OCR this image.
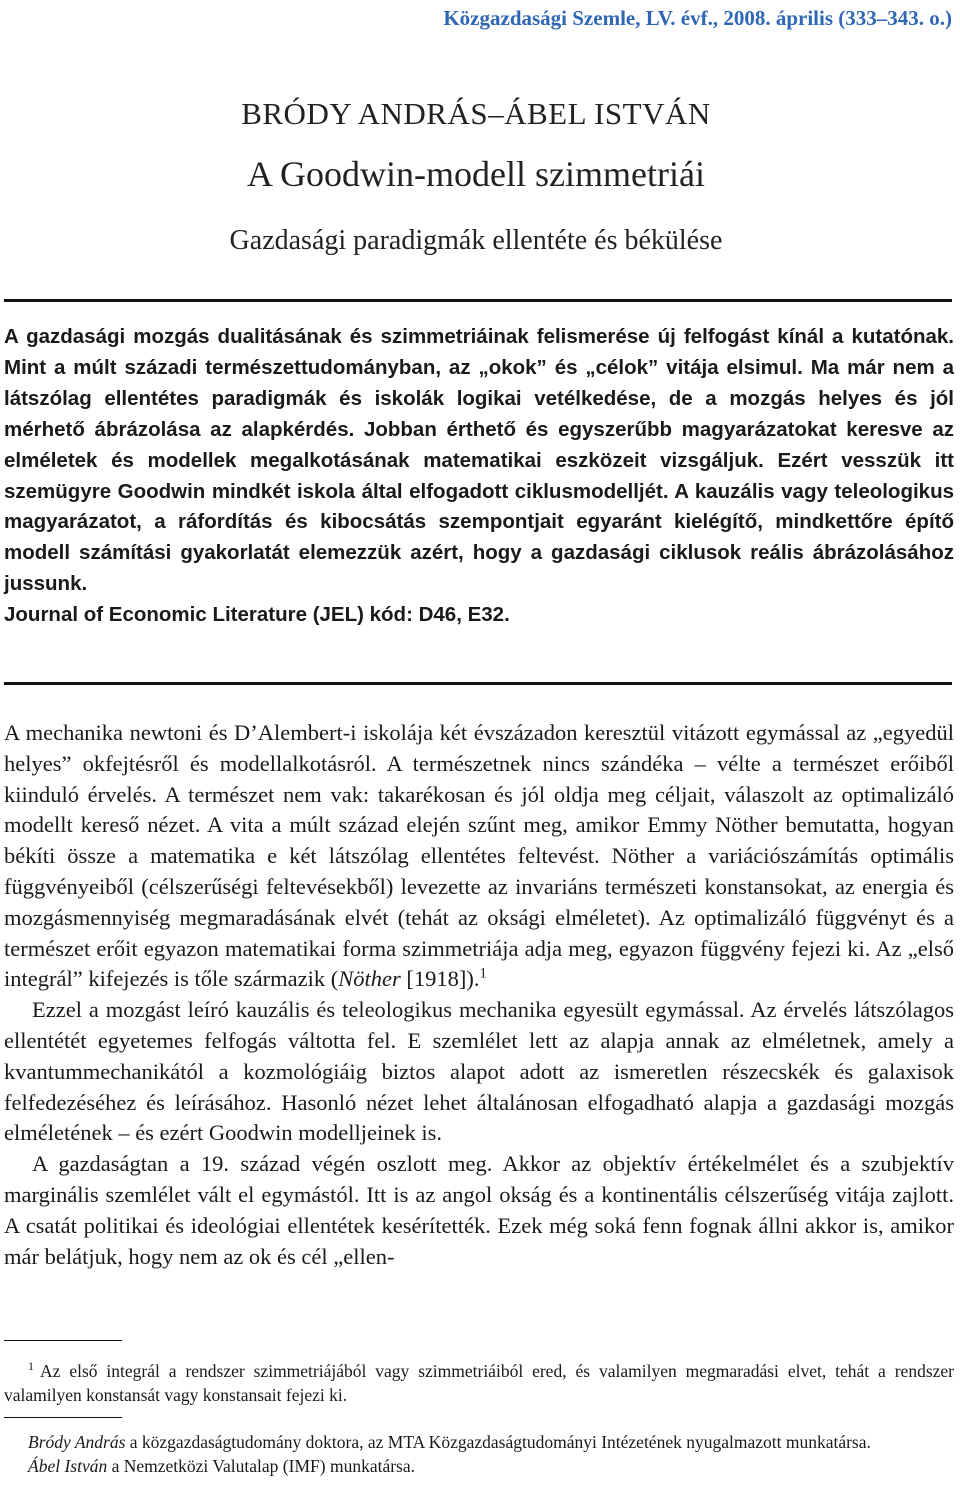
Közgazdasági Szemle, LV. évf., 2008. április (333–343. o.)
BRÓDY ANDRÁS–ÁBEL ISTVÁN
A Goodwin-modell szimmetriái
Gazdasági paradigmák ellentéte és békülése

A gazdasági mozgás dualitásának és szimmetriáinak felismerése új felfogást kínál a kutatónak. Mint a múlt századi természettudományban, az „okok” és „célok” vitája elsimul. Ma már nem a látszólag ellentétes paradigmák és iskolák logikai vetélkedése, de a mozgás helyes és jól mérhető ábrázolása az alapkérdés. Jobban érthető és egyszerűbb magyarázatokat keresve az elméletek és modellek megalkotásának matematikai eszközeit vizsgáljuk. Ezért vesszük itt szemügyre Goodwin mindkét iskola által elfogadott ciklusmodelljét. A kauzális vagy teleologikus magyarázatot, a ráfordítás és kibocsátás szempontjait egyaránt kielégítő, mindkettőre építő modell számítási gyakorlatát elemezzük azért, hogy a gazdasági ciklusok reális ábrázolásához jussunk.

Journal of Economic Literature (JEL) kód: D46, E32.

A mechanika newtoni és D’Alembert-i iskolája két évszázadon keresztül vitázott egymással az „egyedül helyes” okfejtésről és modellalkotásról. A természetnek nincs szándéka – vélte a természet erőiből kiinduló érvelés. A természet nem vak: takarékosan és jól oldja meg céljait, válaszolt az optimalizáló modellt kereső nézet. A vita a múlt század elején szűnt meg, amikor Emmy Nöther bemutatta, hogyan békíti össze a matematika e két látszólag ellentétes feltevést. Nöther a variációszámítás optimális függvényeiből (célszerűségi feltevésekből) levezette az invariáns természeti konstansokat, az energia és mozgásmennyiség megmaradásának elvét (tehát az oksági elméletet). Az optimalizáló függvényt és a természet erőit egyazon matematikai forma szimmetriája adja meg, egyazon függvény fejezi ki. Az „első integrál” kifejezés is tőle származik (Nöther [1918]).$^1$

Ezzel a mozgást leíró kauzális és teleologikus mechanika egyesült egymással. Az érvelés látszólagos ellentétét egyetemes felfogás váltotta fel. E szemlélet lett az alapja annak az elméletnek, amely a kvantummechanikától a kozmológiáig biztos alapot adott az ismeretlen részecskék és galaxisok felfedezéséhez és leírásához. Hasonló nézet lehet általánosan elfogadható alapja a gazdasági mozgás elméletének – és ezért Goodwin modelljeinek is.

A gazdaságtan a 19. század végén oszlott meg. Akkor az objektív értékelmélet és a szubjektív marginális szemlélet vált el egymástól. Itt is az angol okság és a kontinentális célszerűség vitája zajlott. A csatát politikai és ideológiai ellentétek kesérítették. Ezek még soká fenn fognak állni akkor is, amikor már belátjuk, hogy nem az ok és cél „ellen-

$^1$ Az első integrál a rendszer szimmetriájából vagy szimmetriáiból ered, és valamilyen megmaradási elvet, tehát a rendszer valamilyen konstansát vagy konstansait fejezi ki.

Bródy András a közgazdaságtudomány doktora, az MTA Közgazdaságtudományi Intézetének nyugalmazott munkatársa.

Ábel István a Nemzetközi Valutalap (IMF) munkatársa.
